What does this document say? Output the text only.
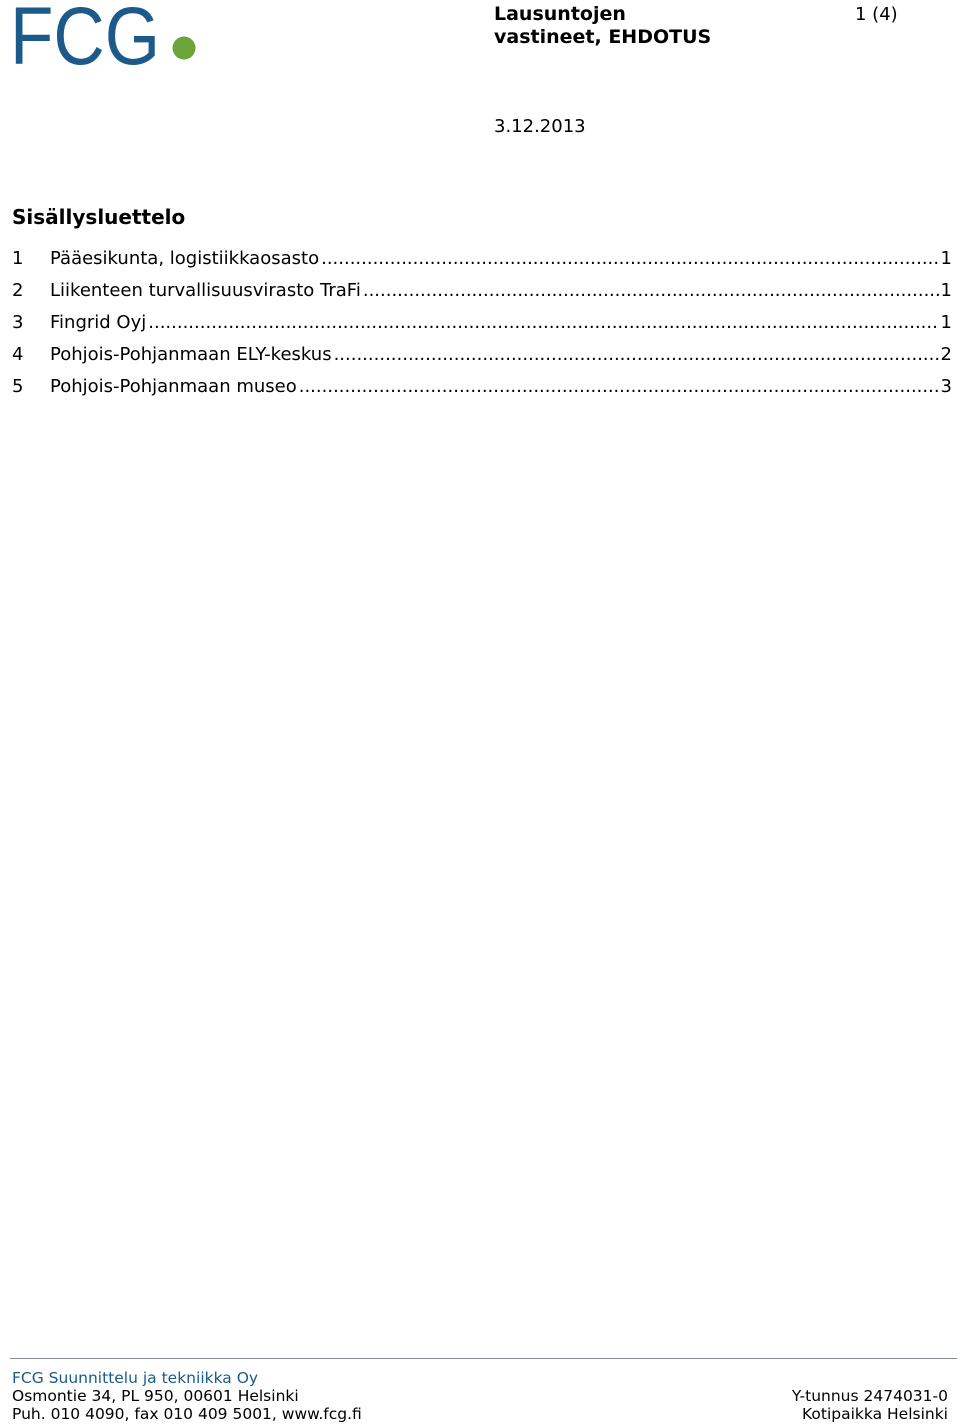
FCG	Lausuntojen
vastineet, EHDOTUS
1 (4)
3.12.2013
Sisällysluettelo
1	Pääesikunta, logistiikkaosasto .....	1
2	Liikenteen turvallisuusvirasto TraFi .....	1
3	Fingrid Oyj .....	1
4	Pohjois-Pohjanmaan ELY-keskus .....	2
5	Pohjois-Pohjanmaan museo .....	3
FCG Suunnittelu ja tekniikka Oy
Osmontie 34, PL 950, 00601 Helsinki	Y-tunnus 2474031-0
Puh. 010 4090, fax 010 409 5001, www.fcg.fi	Kotipaikka Helsinki
